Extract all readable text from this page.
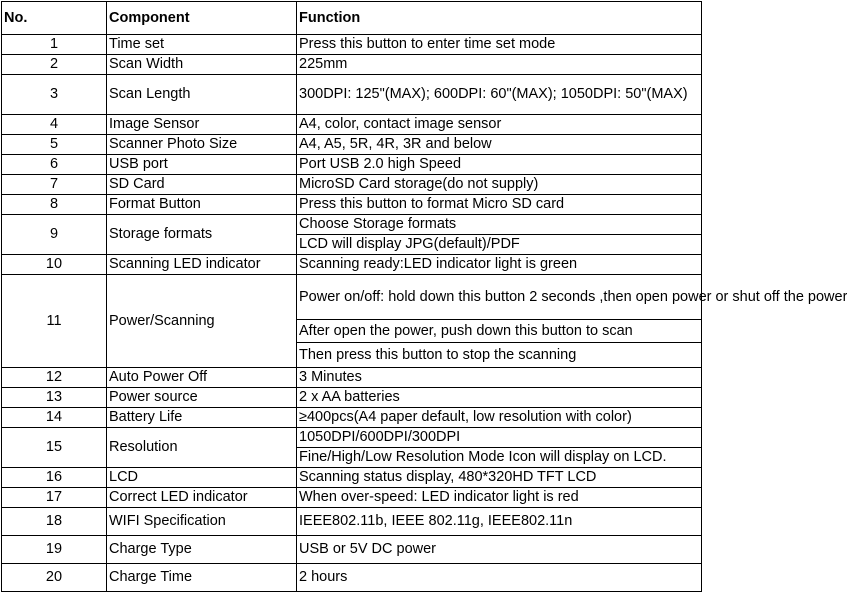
No.	Component	Function
1	Time set	Press this button to enter time set mode
2	Scan Width	225mm
3	Scan Length	300DPI: 125"(MAX); 600DPI: 60"(MAX); 1050DPI: 50"(MAX)
4	Image Sensor	A4, color, contact image sensor
5	Scanner Photo Size	A4, A5, 5R, 4R, 3R and below
6	USB port	Port USB 2.0 high Speed
7	SD Card	MicroSD Card storage(do not supply)
8	Format Button	Press this button to format Micro SD card
9	Storage formats	Choose Storage formats
		LCD will display JPG(default)/PDF
10	Scanning LED indicator	Scanning ready:LED indicator light is green
11	Power/Scanning	Power on/off: hold down this button 2 seconds ,then open power or shut off the power
		After open the power, push down this button to scan
		Then press this button to stop the scanning
12	Auto Power Off	3 Minutes
13	Power source	2 x AA batteries
14	Battery Life	≥400pcs(A4 paper default, low resolution with color)
15	Resolution	1050DPI/600DPI/300DPI
		Fine/High/Low Resolution Mode Icon will display on LCD.
16	LCD	Scanning status display, 480*320HD TFT LCD
17	Correct LED indicator	When over-speed: LED indicator light is red
18	WIFI Specification	IEEE802.11b, IEEE 802.11g, IEEE802.11n
19	Charge Type	USB or 5V DC power
20	Charge Time	2 hours
